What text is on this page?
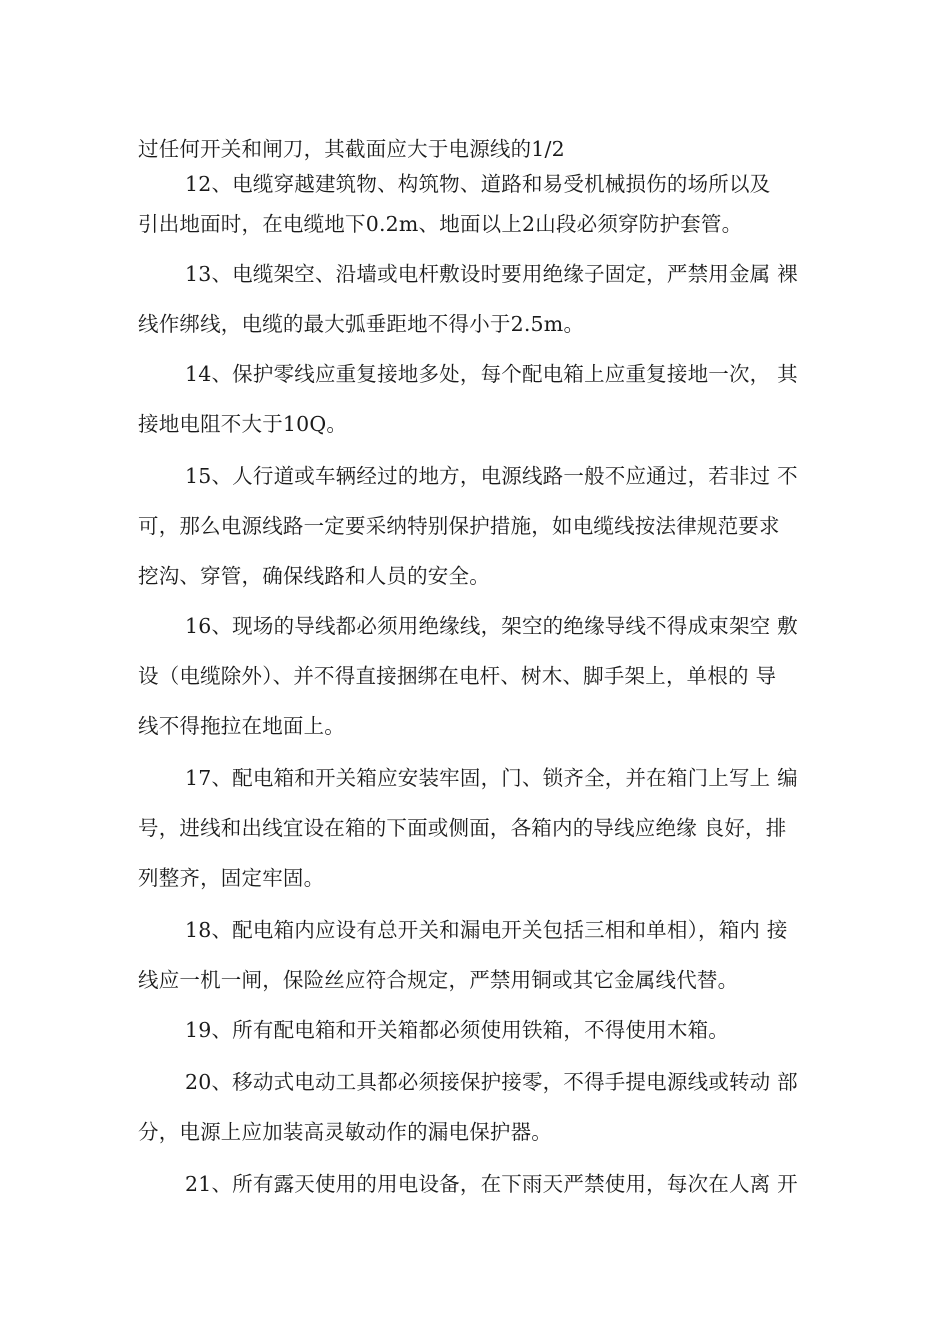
过任何开关和闸刀，其截面应大于电源线的1/2
12、电缆穿越建筑物、构筑物、道路和易受机械损伤的场所以及
引出地面时，在电缆地下0.2m、地面以上2山段必须穿防护套管。
13、电缆架空、沿墙或电杆敷设时要用绝缘子固定，严禁用金属 裸
线作绑线，电缆的最大弧垂距地不得小于2.5m。
14、保护零线应重复接地多处，每个配电箱上应重复接地一次， 其
接地电阻不大于10Q。
15、人行道或车辆经过的地方，电源线路一般不应通过，若非过 不
可，那么电源线路一定要采纳特别保护措施，如电缆线按法律规范要求
挖沟、穿管，确保线路和人员的安全。
16、现场的导线都必须用绝缘线，架空的绝缘导线不得成束架空 敷
设（电缆除外）、并不得直接捆绑在电杆、树木、脚手架上，单根的 导
线不得拖拉在地面上。
17、配电箱和开关箱应安装牢固，门、锁齐全，并在箱门上写上 编
号，进线和出线宜设在箱的下面或侧面，各箱内的导线应绝缘 良好，排
列整齐，固定牢固。
18、配电箱内应设有总开关和漏电开关包括三相和单相），箱内 接
线应一机一闸，保险丝应符合规定，严禁用铜或其它金属线代替。
19、所有配电箱和开关箱都必须使用铁箱，不得使用木箱。
20、移动式电动工具都必须接保护接零，不得手提电源线或转动 部
分，电源上应加装高灵敏动作的漏电保护器。
21、所有露天使用的用电设备，在下雨天严禁使用，每次在人离 开
